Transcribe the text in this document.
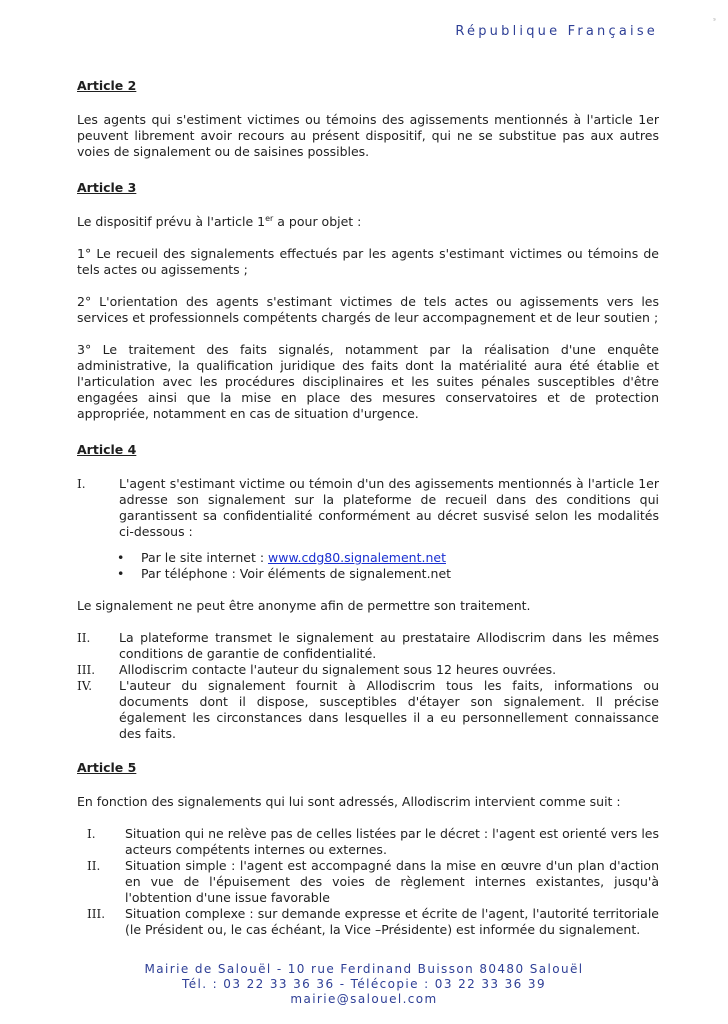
République Française
ˢ
Article 2

Les agents qui s'estiment victimes ou témoins des agissements mentionnés à l'article 1er peuvent librement avoir recours au présent dispositif, qui ne se substitue pas aux autres voies de signalement ou de saisines possibles.

Article 3

Le dispositif prévu à l'article 1er a pour objet :

1° Le recueil des signalements effectués par les agents s'estimant victimes ou témoins de tels actes ou agissements ;

2° L'orientation des agents s'estimant victimes de tels actes ou agissements vers les services et professionnels compétents chargés de leur accompagnement et de leur soutien ;

3° Le traitement des faits signalés, notamment par la réalisation d'une enquête administrative, la qualification juridique des faits dont la matérialité aura été établie et l'articulation avec les procédures disciplinaires et les suites pénales susceptibles d'être engagées ainsi que la mise en place des mesures conservatoires et de protection appropriée, notamment en cas de situation d'urgence.

Article 4
I.	L'agent s'estimant victime ou témoin d'un des agissements mentionnés à l'article 1er adresse son signalement sur la plateforme de recueil dans des conditions qui garantissent sa confidentialité conformément au décret susvisé selon les modalités ci-dessous :
• Par le site internet : www.cdg80.signalement.net
• Par téléphone : Voir éléments de signalement.net

Le signalement ne peut être anonyme afin de permettre son traitement.

II.	La plateforme transmet le signalement au prestataire Allodiscrim dans les mêmes conditions de garantie de confidentialité.
III.	Allodiscrim contacte l'auteur du signalement sous 12 heures ouvrées.
IV.	L'auteur du signalement fournit à Allodiscrim tous les faits, informations ou documents dont il dispose, susceptibles d'étayer son signalement. Il précise également les circonstances dans lesquelles il a eu personnellement connaissance des faits.
Article 5

En fonction des signalements qui lui sont adressés, Allodiscrim intervient comme suit :

I.	Situation qui ne relève pas de celles listées par le décret : l'agent est orienté vers les acteurs compétents internes ou externes.
II.	Situation simple : l'agent est accompagné dans la mise en œuvre d'un plan d'action en vue de l'épuisement des voies de règlement internes existantes, jusqu'à l'obtention d'une issue favorable
III.	Situation complexe : sur demande expresse et écrite de l'agent, l'autorité territoriale (le Président ou, le cas échéant, la Vice –Présidente) est informée du signalement.
Mairie de Salouël - 10 rue Ferdinand Buisson 80480 Salouël
Tél. : 03 22 33 36 36 - Télécopie : 03 22 33 36 39
mairie@salouel.com
